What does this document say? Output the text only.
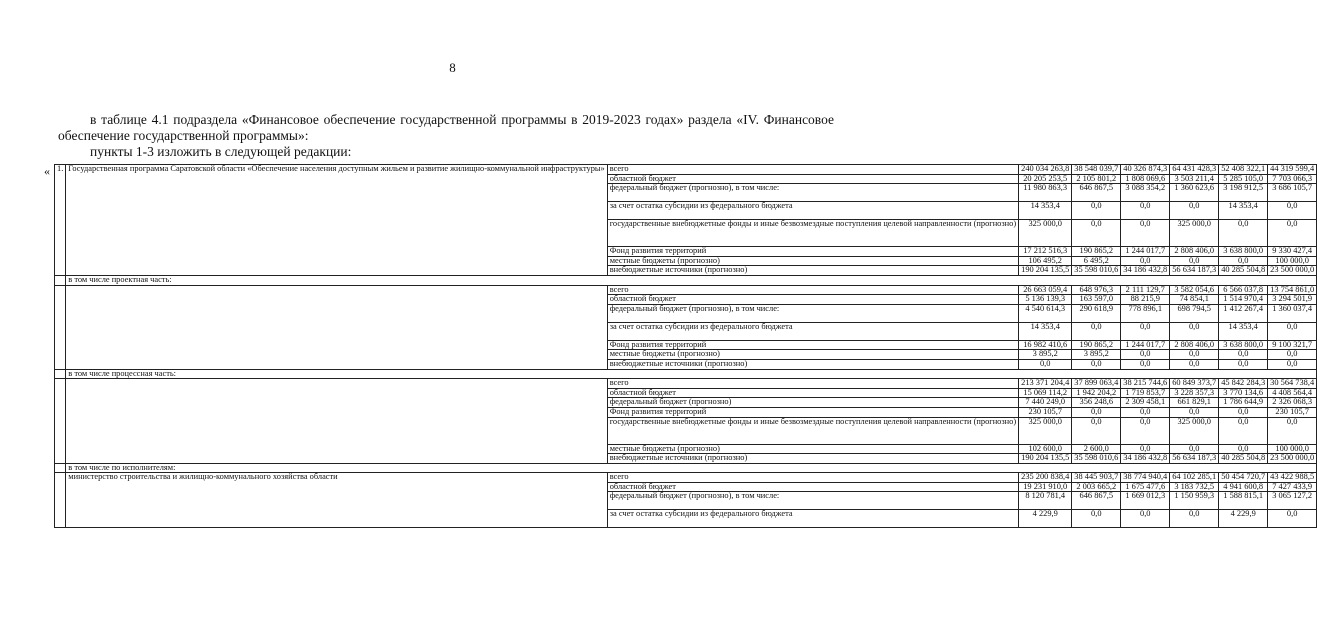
8
в таблице 4.1 подраздела «Финансовое обеспечение государственной программы в 2019-2023 годах» раздела «IV. Финансовое обеспечение государственной программы»:
пункты 1-3 изложить в следующей редакции:
« 1.	Государственная программа Саратовской области «Обеспечение населения доступным жильем и развитие жилищно-коммунальной инфраструктуры»	всего	240 034 263,8	38 548 039,7	40 326 874,3	64 431 428,3	52 408 322,1	44 319 599,4
		областной бюджет	20 205 253,5	2 105 801,2	1 808 069,6	3 503 211,4	5 285 105,0	7 703 066,3
		федеральный бюджет (прогнозно), в том числе:	11 980 863,3	646 867,5	3 088 354,2	1 360 623,6	3 198 912,5	3 686 105,7
		за счет остатка субсидии из федерального бюджета	14 353,4	0,0	0,0	0,0	14 353,4	0,0
		государственные внебюджетные фонды и иные безвозмездные поступления целевой направленности (прогнозно)	325 000,0	0,0	0,0	325 000,0	0,0	0,0
		Фонд развития территорий	17 212 516,3	190 865,2	1 244 017,7	2 808 406,0	3 638 800,0	9 330 427,4
		местные бюджеты (прогнозно)	106 495,2	6 495,2	0,0	0,0	0,0	100 000,0
		внебюджетные источники (прогнозно)	190 204 135,5	35 598 010,6	34 186 432,8	56 634 187,3	40 285 504,8	23 500 000,0
	в том числе проектная часть:							
		всего	26 663 059,4	648 976,3	2 111 129,7	3 582 054,6	6 566 037,8	13 754 861,0
		областной бюджет	5 136 139,3	163 597,0	88 215,9	74 854,1	1 514 970,4	3 294 501,9
		федеральный бюджет (прогнозно), в том числе:	4 540 614,3	290 618,9	778 896,1	698 794,5	1 412 267,4	1 360 037,4
		за счет остатка субсидии из федерального бюджета	14 353,4	0,0	0,0	0,0	14 353,4	0,0
		Фонд развития территорий	16 982 410,6	190 865,2	1 244 017,7	2 808 406,0	3 638 800,0	9 100 321,7
		местные бюджеты (прогнозно)	3 895,2	3 895,2	0,0	0,0	0,0	0,0
		внебюджетные источники (прогнозно)	0,0	0,0	0,0	0,0	0,0	0,0
	в том числе процессная часть:							
		всего	213 371 204,4	37 899 063,4	38 215 744,6	60 849 373,7	45 842 284,3	30 564 738,4
		областной бюджет	15 069 114,2	1 942 204,2	1 719 853,7	3 228 357,3	3 770 134,6	4 408 564,4
		федеральный бюджет (прогнозно)	7 440 249,0	356 248,6	2 309 458,1	661 829,1	1 786 644,9	2 326 068,3
		Фонд развития территорий	230 105,7	0,0	0,0	0,0	0,0	230 105,7
		государственные внебюджетные фонды и иные безвозмездные поступления целевой направленности (прогнозно)	325 000,0	0,0	0,0	325 000,0	0,0	0,0
		местные бюджеты (прогнозно)	102 600,0	2 600,0	0,0	0,0	0,0	100 000,0
		внебюджетные источники (прогнозно)	190 204 135,5	35 598 010,6	34 186 432,8	56 634 187,3	40 285 504,8	23 500 000,0
	в том числе по исполнителям:							
	министерство строительства и жилищно-коммунального хозяйства области	всего	235 200 838,4	38 445 903,7	38 774 940,4	64 102 285,1	50 454 720,7	43 422 988,5
		областной бюджет	19 231 910,0	2 003 665,2	1 675 477,6	3 183 732,5	4 941 600,8	7 427 433,9
		федеральный бюджет (прогнозно), в том числе:	8 120 781,4	646 867,5	1 669 012,3	1 150 959,3	1 588 815,1	3 065 127,2
		за счет остатка субсидии из федерального бюджета	4 229,9	0,0	0,0	0,0	4 229,9	0,0
